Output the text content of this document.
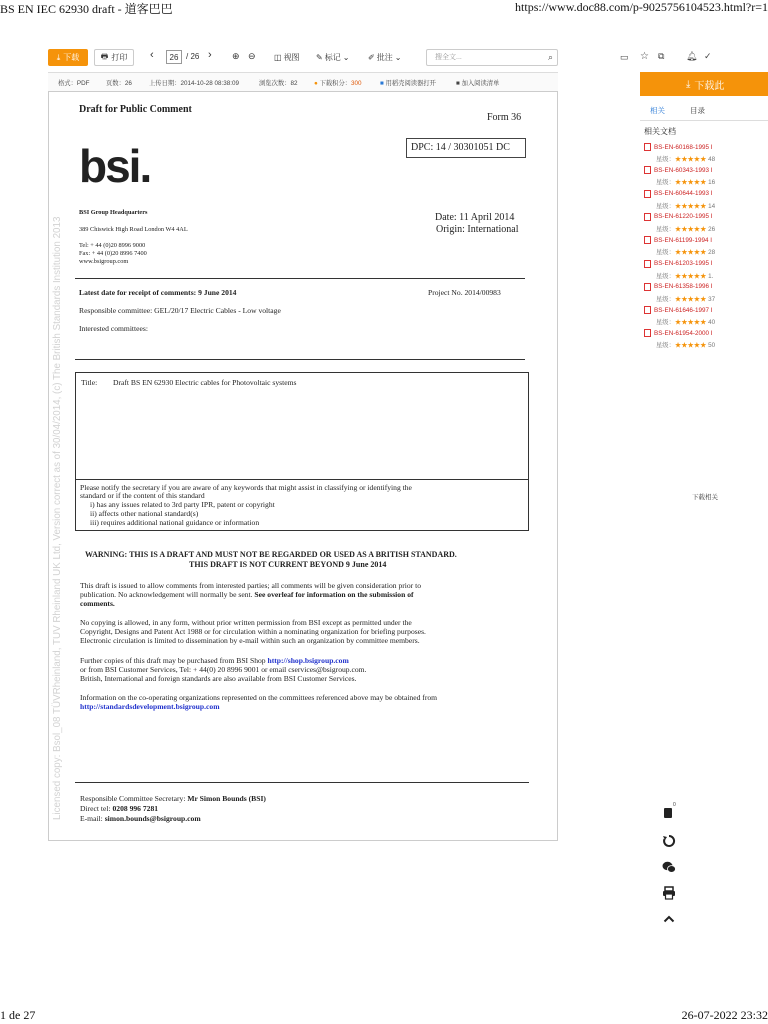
BS EN IEC 62930 draft - 道客巴巴	https://www.doc88.com/p-9025756104523.html?r=1
⤓ 下载	🖶 打印 ‹	26 / 26 › ⊕ ⊖ ◫ 视图 ✎ 标记 ⌄ ✐ 批注 ⌄	搜全文...	⌕	▭ ☆ ⧉ 🔔︎ ✓
格式：PDF	页数：26	上传日期：2014-10-28 08:38:09	浏览次数：82	● 下载积分：300	■ 用稻壳阅读器打开	■ 加入阅读清单
Licensed copy: Bsol_08 TÜVRheinland, TUV Rheinland UK Ltd, Version correct as of 30/04/2014, (c) The British Standards Institution 2013
Draft for Public Comment
Form 36
DPC: 14 / 30301051 DC
bsi.
BSI Group Headquarters
389 Chiswick High Road London W4 4AL
Tel: + 44 (0)20 8996 9000
Fax: + 44 (0)20 8996 7400
www.bsigroup.com
Date: 11 April 2014
Origin: International
Latest date for receipt of comments: 9 June 2014	Project No. 2014/00983
Responsible committee: GEL/20/17 Electric Cables - Low voltage
Interested committees:
Title: Draft BS EN 62930 Electric cables for Photovoltaic systems
Please notify the secretary if you are aware of any keywords that might assist in classifying or identifying the
standard or if the content of this standard
i) has any issues related to 3rd party IPR, patent or copyright
ii) affects other national standard(s)
iii) requires additional national guidance or information
WARNING: THIS IS A DRAFT AND MUST NOT BE REGARDED OR USED AS A BRITISH STANDARD.
THIS DRAFT IS NOT CURRENT BEYOND 9 June 2014
This draft is issued to allow comments from interested parties; all comments will be given consideration prior to
publication. No acknowledgement will normally be sent. See overleaf for information on the submission of
comments.
No copying is allowed, in any form, without prior written permission from BSI except as permitted under the
Copyright, Designs and Patent Act 1988 or for circulation within a nominating organization for briefing purposes.
Electronic circulation is limited to dissemination by e-mail within such an organization by committee members.
Further copies of this draft may be purchased from BSI Shop http://shop.bsigroup.com
or from BSI Customer Services, Tel: + 44(0) 20 8996 9001 or email cservices@bsigroup.com.
British, International and foreign standards are also available from BSI Customer Services.
Information on the co-operating organizations represented on the committees referenced above may be obtained from
http://standardsdevelopment.bsigroup.com
Responsible Committee Secretary: Mr Simon Bounds (BSI)
Direct tel: 0208 996 7281
E-mail: simon.bounds@bsigroup.com
⤓ 下载此
相关	目录
相关文档
BS-EN-60168-1995 I
星级：★★★★★ 48
BS-EN-60343-1993 I
星级：★★★★★ 16
BS-EN-60644-1993 I
星级：★★★★★ 14
BS-EN-61220-1995 I
星级：★★★★★ 26
BS-EN-61199-1994 I
星级：★★★★★ 28
BS-EN-61203-1995 I
星级：★★★★★ 1.
BS-EN-61358-1996 I
星级：★★★★★ 37
BS-EN-61646-1997 I
星级：★★★★★ 40
BS-EN-61954-2000 I
星级：★★★★★ 50
下载相关
0
1 de 27	26-07-2022 23:32
